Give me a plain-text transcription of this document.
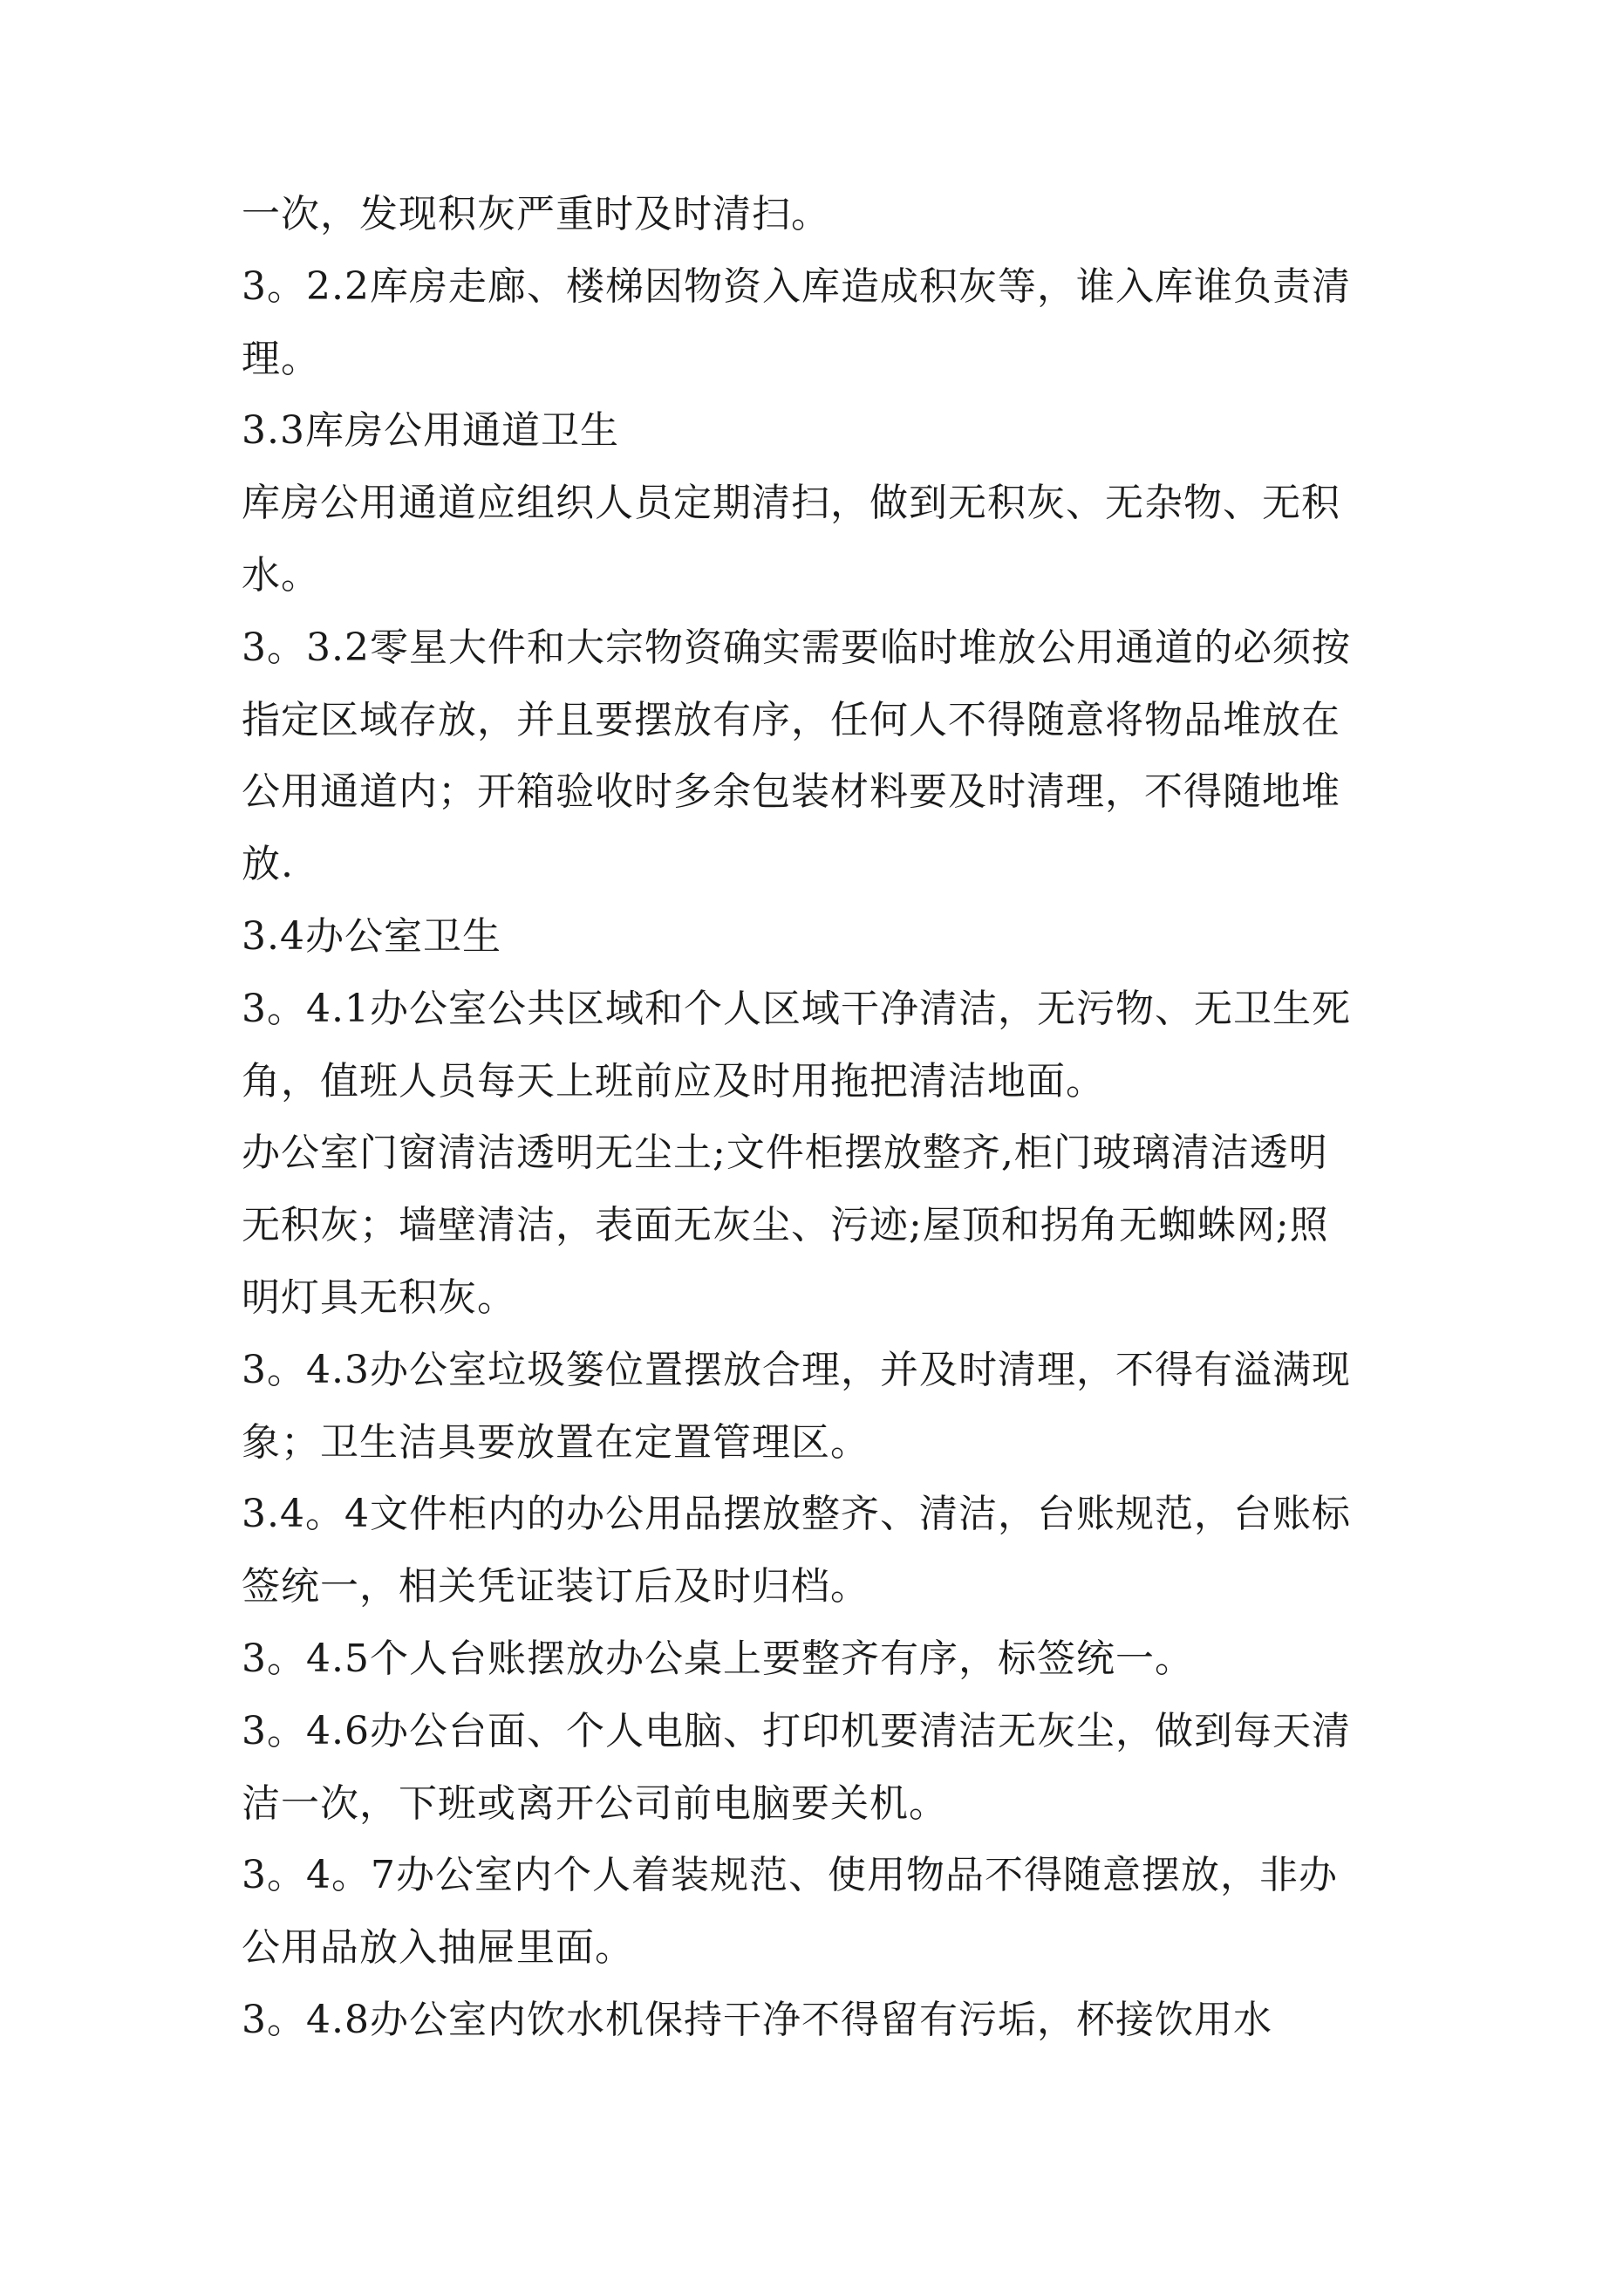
一次，发现积灰严重时及时清扫。
3。2.2库房走廊、楼梯因物资入库造成积灰等，谁入库谁负责清
理。
3.3库房公用通道卫生
库房公用通道应组织人员定期清扫，做到无积灰、无杂物、无积
水。
3。3.2零星大件和大宗物资确实需要临时堆放公用通道的必须按
指定区域存放，并且要摆放有序，任何人不得随意将物品堆放在
公用通道内；开箱验收时多余包装材料要及时清理，不得随地堆
放.
3.4办公室卫生
3。4.1办公室公共区域和个人区域干净清洁，无污物、无卫生死
角，值班人员每天上班前应及时用拖把清洁地面。
办公室门窗清洁透明无尘土;文件柜摆放整齐,柜门玻璃清洁透明
无积灰；墙壁清洁，表面无灰尘、污迹;屋顶和拐角无蜘蛛网;照
明灯具无积灰。
3。4.3办公室垃圾篓位置摆放合理，并及时清理，不得有溢满现
象；卫生洁具要放置在定置管理区。
3.4。4文件柜内的办公用品摆放整齐、清洁，台账规范，台账标
签统一，相关凭证装订后及时归档。
3。4.5个人台账摆放办公桌上要整齐有序，标签统一。
3。4.6办公台面、个人电脑、打印机要清洁无灰尘，做到每天清
洁一次，下班或离开公司前电脑要关机。
3。4。7办公室内个人着装规范、使用物品不得随意摆放，非办
公用品放入抽屉里面。
3。4.8办公室内饮水机保持干净不得留有污垢，杯接饮用水
